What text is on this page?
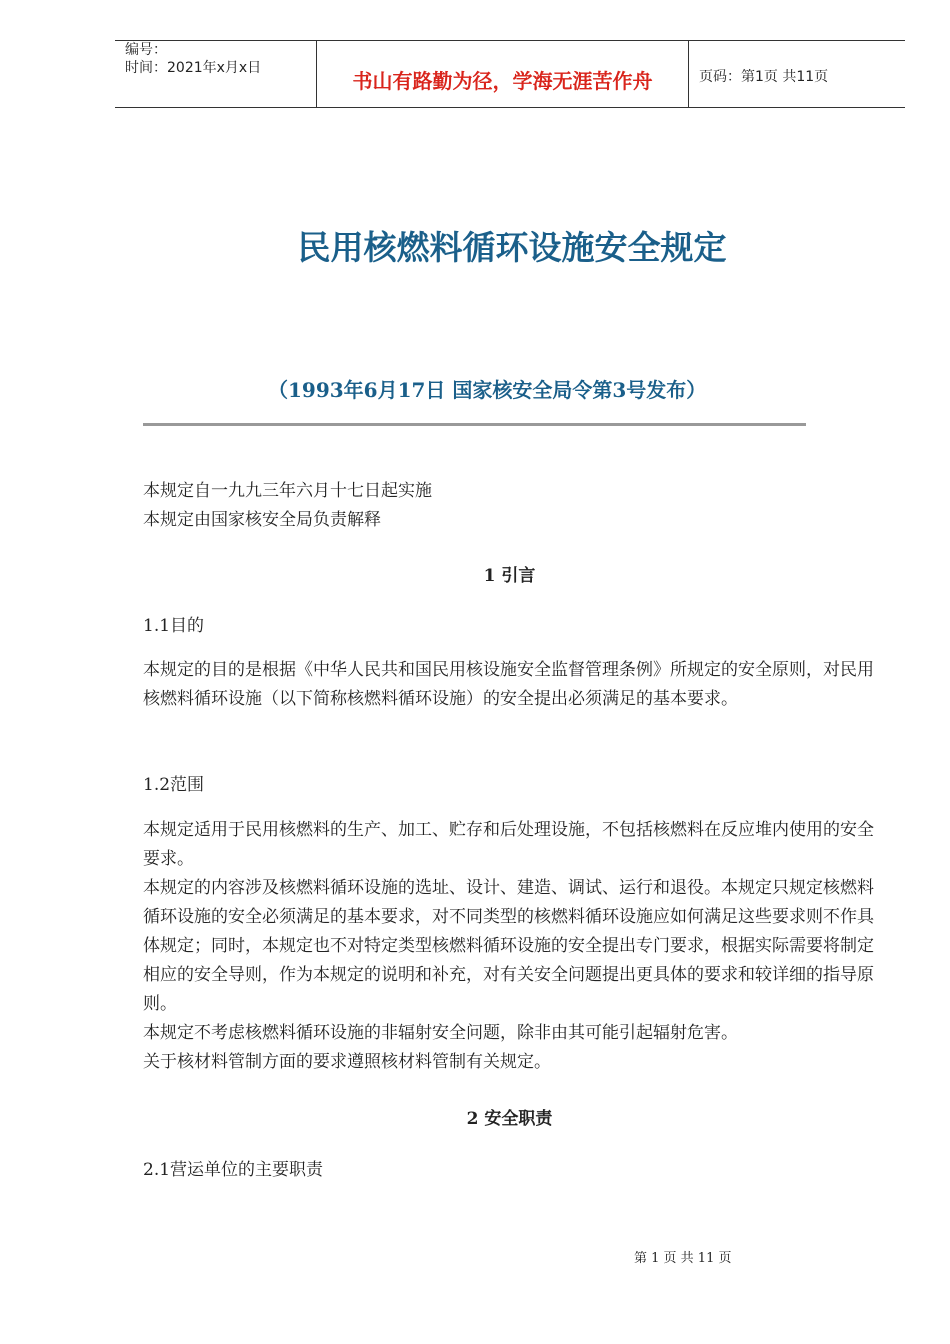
编号：
时间：2021年x月x日
书山有路勤为径，学海无涯苦作舟	页码：第1页 共11页
民用核燃料循环设施安全规定
（1993年6月17日 国家核安全局令第3号发布）

本规定自一九九三年六月十七日起实施

本规定由国家核安全局负责解释

1 引言
1.1目的

本规定的目的是根据《中华人民共和国民用核设施安全监督管理条例》所规定的安全原则，对民用核燃料循环设施（以下简称核燃料循环设施）的安全提出必须满足的基本要求。

1.2范围

本规定适用于民用核燃料的生产、加工、贮存和后处理设施，不包括核燃料在反应堆内使用的安全要求。

本规定的内容涉及核燃料循环设施的选址、设计、建造、调试、运行和退役。本规定只规定核燃料循环设施的安全必须满足的基本要求，对不同类型的核燃料循环设施应如何满足这些要求则不作具体规定；同时，本规定也不对特定类型核燃料循环设施的安全提出专门要求，根据实际需要将制定相应的安全导则，作为本规定的说明和补充，对有关安全问题提出更具体的要求和较详细的指导原则。

本规定不考虑核燃料循环设施的非辐射安全问题，除非由其可能引起辐射危害。

关于核材料管制方面的要求遵照核材料管制有关规定。

2 安全职责
2.1营运单位的主要职责
第 1 页 共 11 页
